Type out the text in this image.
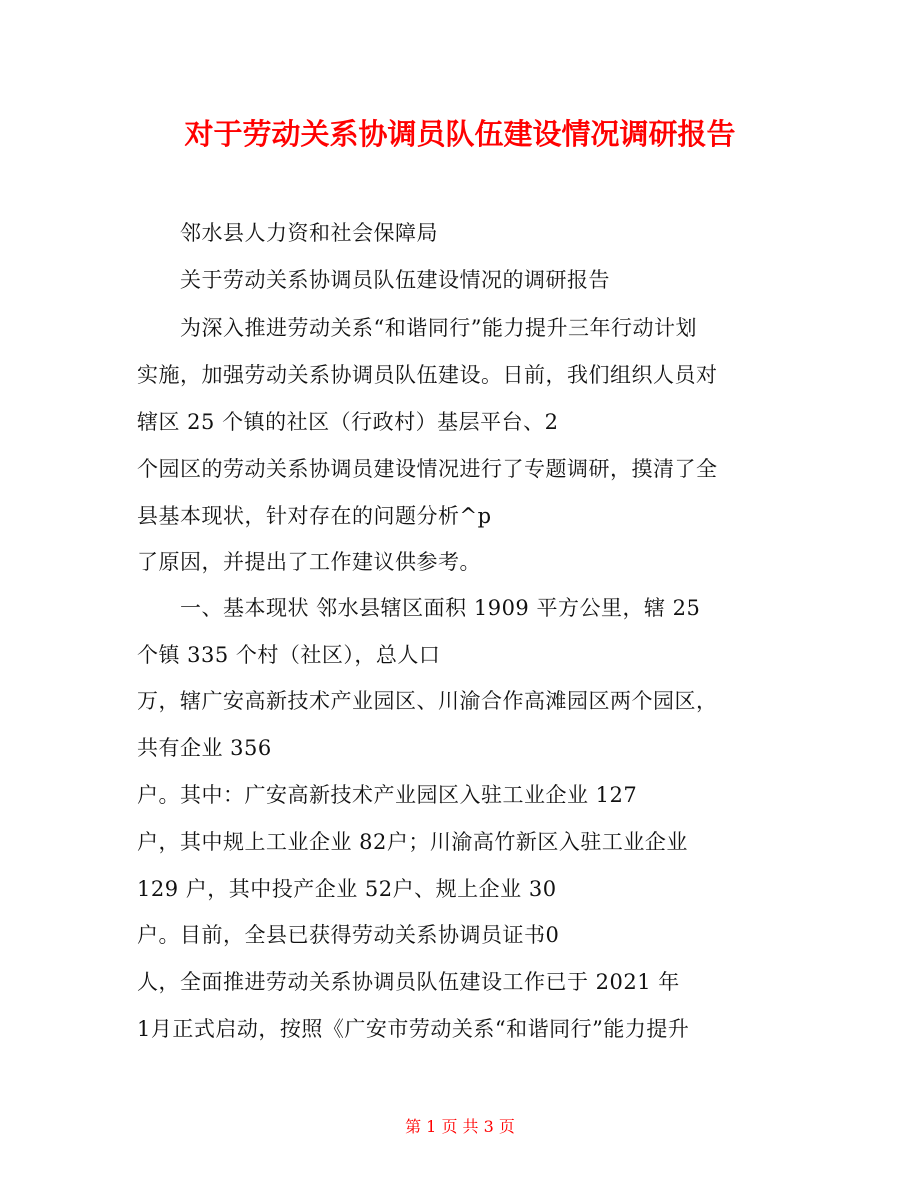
对于劳动关系协调员队伍建设情况调研报告

邻水县人力资和社会保障局

关于劳动关系协调员队伍建设情况的调研报告

为深入推进劳动关系“和谐同行”能力提升三年行动计划

实施，加强劳动关系协调员队伍建设。日前，我们组织人员对

辖区 25 个镇的社区（行政村）基层平台、2

个园区的劳动关系协调员建设情况进行了专题调研，摸清了全

县基本现状，针对存在的问题分析^p

了原因，并提出了工作建议供参考。

一、基本现状 邻水县辖区面积 1909 平方公里，辖 25

个镇 335 个村（社区），总人口

万，辖广安高新技术产业园区、川渝合作高滩园区两个园区，

共有企业 356

户。其中：广安高新技术产业园区入驻工业企业 127

户，其中规上工业企业 82户；川渝高竹新区入驻工业企业

129 户，其中投产企业 52户、规上企业 30

户。目前，全县已获得劳动关系协调员证书0

人，全面推进劳动关系协调员队伍建设工作已于 2021 年

1月正式启动，按照《广安市劳动关系“和谐同行”能力提升

第 1 页 共 3 页
